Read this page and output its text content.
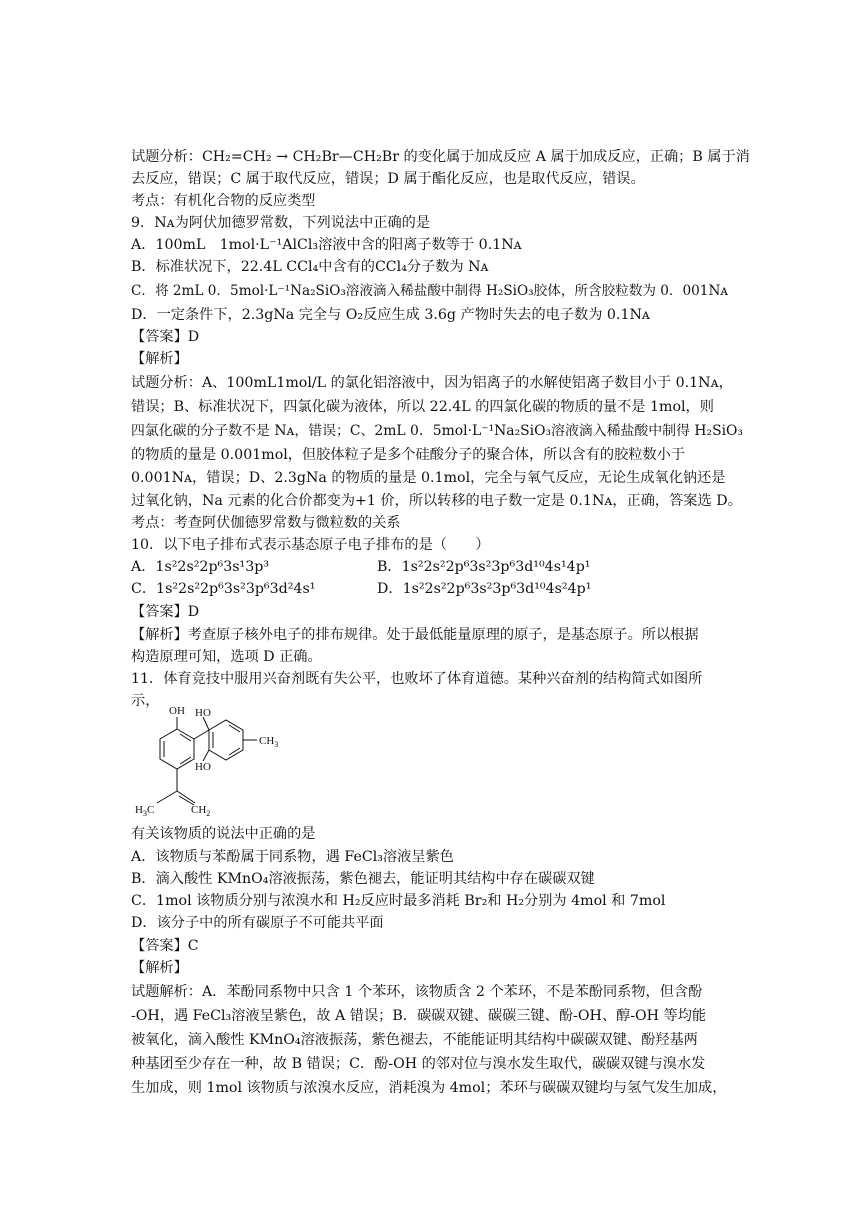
试题分析：CH₂=CH₂ → CH₂Br—CH₂Br 的变化属于加成反应 A 属于加成反应，正确；B 属于消
去反应，错误；C 属于取代反应，错误；D 属于酯化反应，也是取代反应，错误。
考点：有机化合物的反应类型
9．Nᴀ为阿伏加德罗常数，下列说法中正确的是
A．100mL　1mol·L⁻¹AlCl₃溶液中含的阳离子数等于 0.1Nᴀ
B．标准状况下，22.4L CCl₄中含有的CCl₄分子数为 Nᴀ
C．将 2mL 0．5mol·L⁻¹Na₂SiO₃溶液滴入稀盐酸中制得 H₂SiO₃胶体，所含胶粒数为 0．001Nᴀ
D．一定条件下，2.3gNa 完全与 O₂反应生成 3.6g 产物时失去的电子数为 0.1Nᴀ
【答案】D
【解析】
试题分析：A、100mL1mol/L 的氯化铝溶液中，因为铝离子的水解使铝离子数目小于 0.1Nᴀ，
错误；B、标准状况下，四氯化碳为液体，所以 22.4L 的四氯化碳的物质的量不是 1mol，则
四氯化碳的分子数不是 Nᴀ，错误；C、2mL 0．5mol·L⁻¹Na₂SiO₃溶液滴入稀盐酸中制得 H₂SiO₃
的物质的量是 0.001mol，但胶体粒子是多个硅酸分子的聚合体，所以含有的胶粒数小于
0.001Nᴀ，错误；D、2.3gNa 的物质的量是 0.1mol，完全与氧气反应，无论生成氧化钠还是
过氧化钠，Na 元素的化合价都变为+1 价，所以转移的电子数一定是 0.1Nᴀ，正确，答案选 D。
考点：考查阿伏伽德罗常数与微粒数的关系
10．以下电子排布式表示基态原子电子排布的是（　　）
A．1s²2s²2p⁶3s¹3p³	B．1s²2s²2p⁶3s²3p⁶3d¹⁰4s¹4p¹
C．1s²2s²2p⁶3s²3p⁶3d²4s¹	D．1s²2s²2p⁶3s²3p⁶3d¹⁰4s²4p¹
【答案】D
【解析】考查原子核外电子的排布规律。处于最低能量原理的原子，是基态原子。所以根据
构造原理可知，选项 D 正确。
11．体育竞技中服用兴奋剂既有失公平，也败坏了体育道德。某种兴奋剂的结构简式如图所
示，
OH HO
HO
$CH_3$
$H_3C$	$CH_2$
有关该物质的说法中正确的是
A．该物质与苯酚属于同系物，遇 FeCl₃溶液呈紫色
B．滴入酸性 KMnO₄溶液振荡，紫色褪去，能证明其结构中存在碳碳双键
C．1mol 该物质分别与浓溴水和 H₂反应时最多消耗 Br₂和 H₂分别为 4mol 和 7mol
D．该分子中的所有碳原子不可能共平面
【答案】C
【解析】
试题解析：A．苯酚同系物中只含 1 个苯环，该物质含 2 个苯环，不是苯酚同系物，但含酚
-OH，遇 FeCl₃溶液呈紫色，故 A 错误；B．碳碳双键、碳碳三键、酚-OH、醇-OH 等均能
被氧化，滴入酸性 KMnO₄溶液振荡，紫色褪去，不能能证明其结构中碳碳双键、酚羟基两
种基团至少存在一种，故 B 错误；C．酚-OH 的邻对位与溴水发生取代，碳碳双键与溴水发
生加成，则 1mol 该物质与浓溴水反应，消耗溴为 4mol；苯环与碳碳双键均与氢气发生加成，
